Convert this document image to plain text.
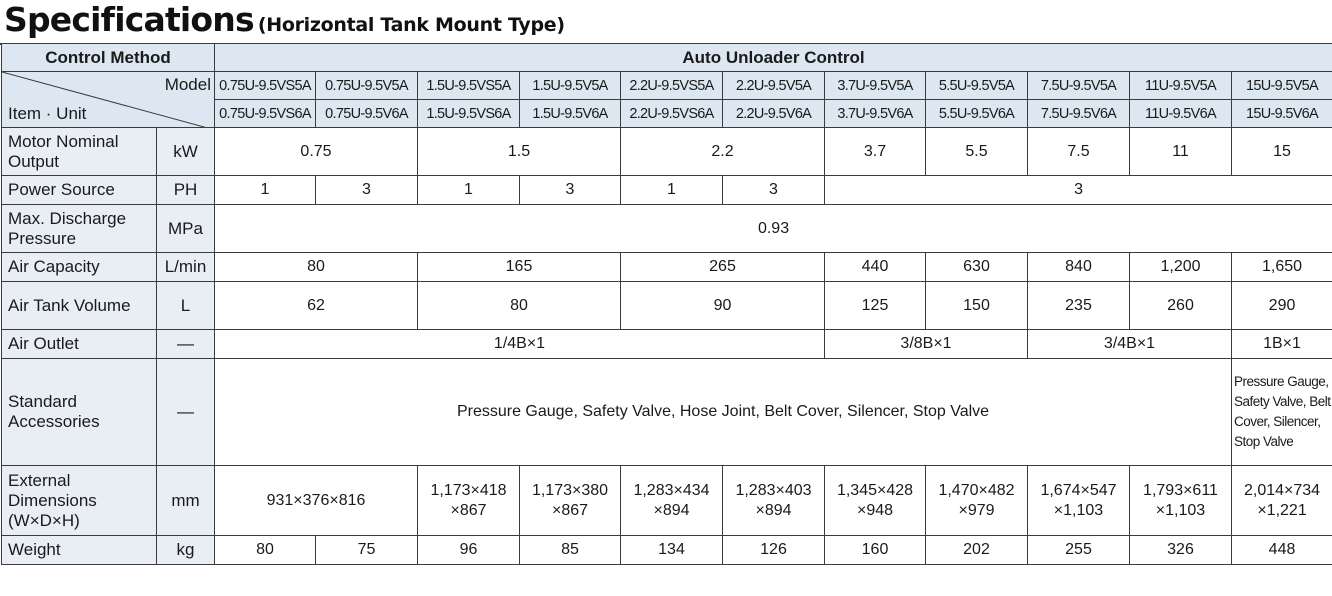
Specifications (Horizontal Tank Mount Type)
Control Method		Auto Unloader Control										

Model
Item · Unit		0.75U-9.5VS5A	0.75U-9.5V5A	1.5U-9.5VS5A	1.5U-9.5V5A	2.2U-9.5VS5A	2.2U-9.5V5A	3.7U-9.5V5A	5.5U-9.5V5A	7.5U-9.5V5A	11U-9.5V5A	15U-9.5V5A
		0.75U-9.5VS6A	0.75U-9.5V6A	1.5U-9.5VS6A	1.5U-9.5V6A	2.2U-9.5VS6A	2.2U-9.5V6A	3.7U-9.5V6A	5.5U-9.5V6A	7.5U-9.5V6A	11U-9.5V6A	15U-9.5V6A
Motor Nominal Output	kW	0.75		1.5		2.2		3.7	5.5	7.5	11	15
Power Source	PH	1	3	1	3	1	3	3				
Max. Discharge Pressure	MPa	0.93										
Air Capacity	L/min	80		165		265		440	630	840	1,200	1,650
Air Tank Volume	L	62		80		90		125	150	235	260	290
Air Outlet	—	1/4B×1						3/8B×1		3/4B×1		1B×1
Standard Accessories	—	Pressure Gauge, Safety Valve, Hose Joint, Belt Cover, Silencer, Stop Valve										Pressure Gauge, Safety Valve, Belt Cover, Silencer, Stop Valve
External Dimensions (W×D×H)	mm	931×376×816		1,173×418 ×867	1,173×380 ×867	1,283×434 ×894	1,283×403 ×894	1,345×428 ×948	1,470×482 ×979	1,674×547 ×1,103	1,793×611 ×1,103	2,014×734 ×1,221
Weight	kg	80	75	96	85	134	126	160	202	255	326	448
